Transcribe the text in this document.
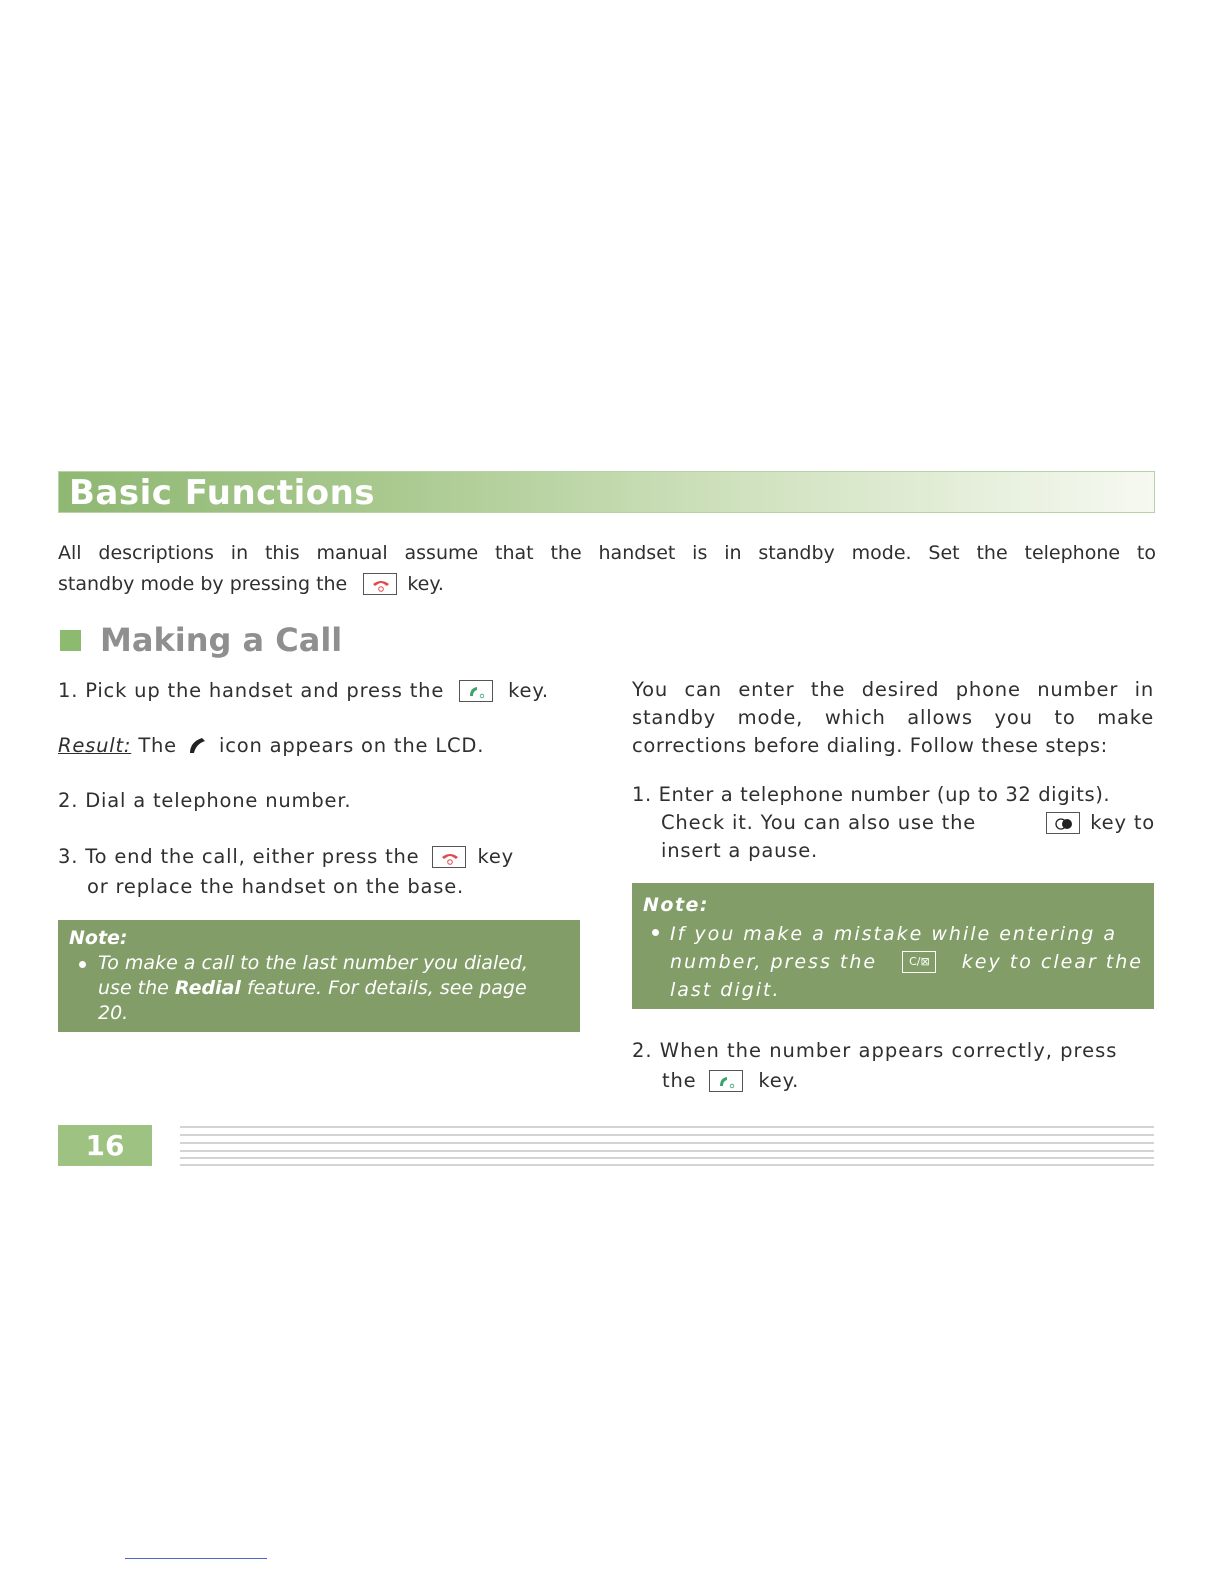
Basic Functions
All descriptions in this manual assume that the handset is in standby mode. Set the telephone to
standby mode by pressing the	key.
Making a Call
1. Pick up the handset and press the	key.
Result: The icon appears on the LCD.
2. Dial a telephone number.
3. To end the call, either press the	key
or replace the handset on the base.
Note:
To make a call to the last number you dialed,
use the Redial feature. For details, see page
20.
You can enter the desired phone number in
standby mode, which allows you to make
corrections before dialing. Follow these steps:
1. Enter a telephone number (up to 32 digits).
Check it. You can also use the	key to
insert a pause.
Note:
If you make a mistake while entering a
number, press the	C/⊠	key to clear the
last digit.
2. When the number appears correctly, press
the	key.
16
